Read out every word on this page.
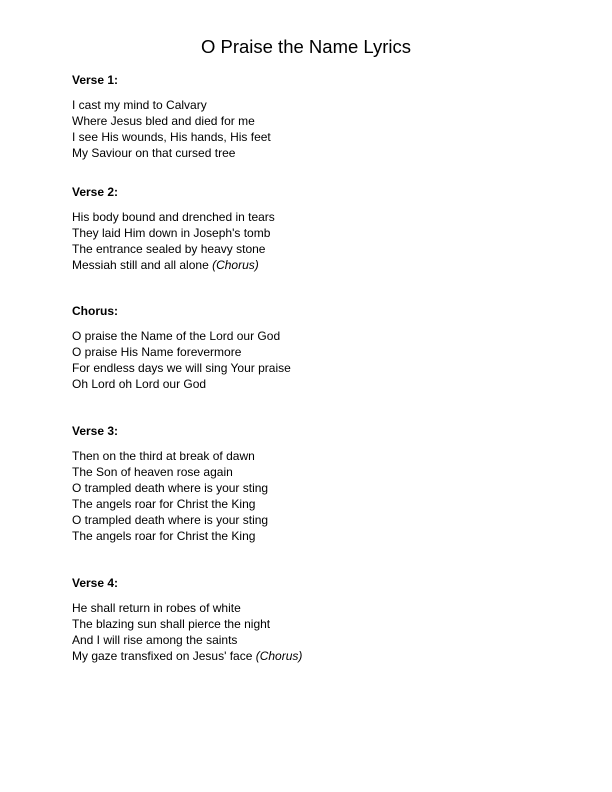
O Praise the Name Lyrics

Verse 1:

I cast my mind to Calvary
Where Jesus bled and died for me
I see His wounds, His hands, His feet
My Saviour on that cursed tree

Verse 2:

His body bound and drenched in tears
They laid Him down in Joseph's tomb
The entrance sealed by heavy stone
Messiah still and all alone (Chorus)

Chorus:

O praise the Name of the Lord our God
O praise His Name forevermore
For endless days we will sing Your praise
Oh Lord oh Lord our God

Verse 3:

Then on the third at break of dawn
The Son of heaven rose again
O trampled death where is your sting
The angels roar for Christ the King
O trampled death where is your sting
The angels roar for Christ the King

Verse 4:

He shall return in robes of white
The blazing sun shall pierce the night
And I will rise among the saints
My gaze transfixed on Jesus' face (Chorus)
